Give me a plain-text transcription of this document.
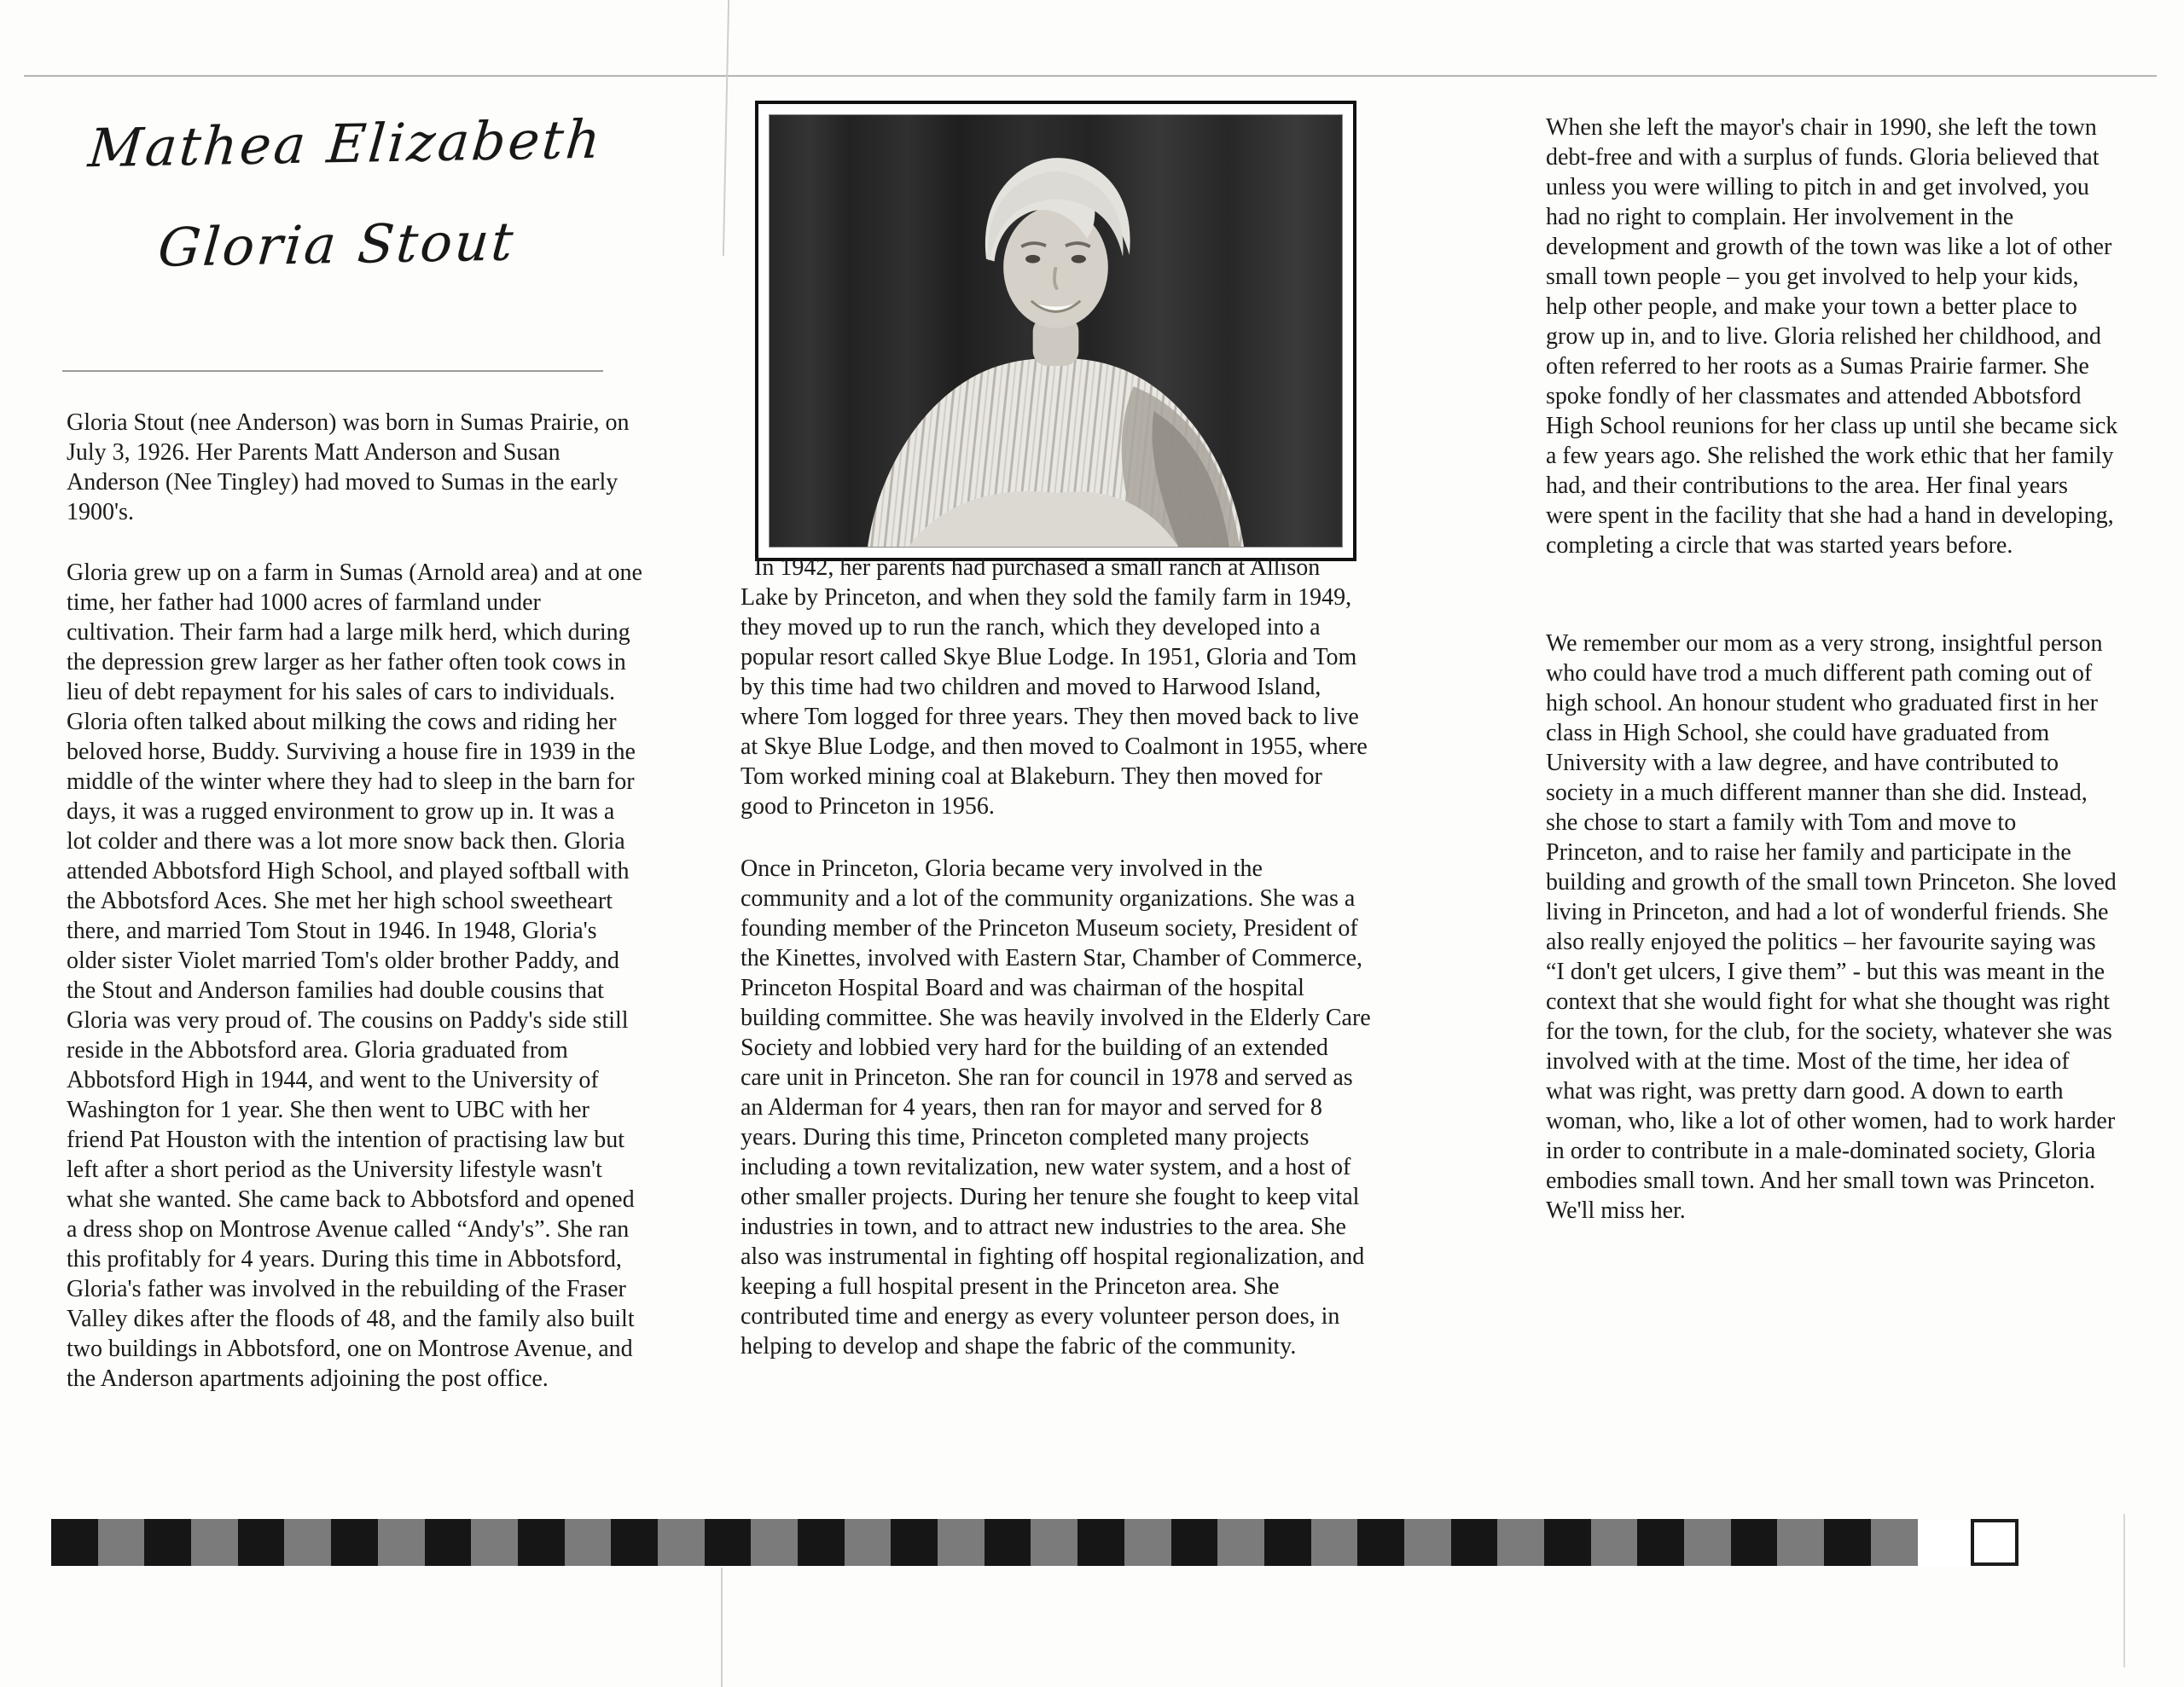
Mathea Elizabeth
Gloria Stout

Gloria Stout (nee Anderson) was born in Sumas Prairie, on July 3, 1926. Her Parents Matt Anderson and Susan Anderson (Nee Tingley) had moved to Sumas in the early 1900's.

Gloria grew up on a farm in Sumas (Arnold area) and at one time, her father had 1000 acres of farmland under cultivation. Their farm had a large milk herd, which during the depression grew larger as her father often took cows in lieu of debt repayment for his sales of cars to individuals. Gloria often talked about milking the cows and riding her beloved horse, Buddy. Surviving a house fire in 1939 in the middle of the winter where they had to sleep in the barn for days, it was a rugged environment to grow up in. It was a lot colder and there was a lot more snow back then. Gloria attended Abbotsford High School, and played softball with the Abbotsford Aces. She met her high school sweetheart there, and married Tom Stout in 1946. In 1948, Gloria's older sister Violet married Tom's older brother Paddy, and the Stout and Anderson families had double cousins that Gloria was very proud of. The cousins on Paddy's side still reside in the Abbotsford area. Gloria graduated from Abbotsford High in 1944, and went to the University of Washington for 1 year. She then went to UBC with her friend Pat Houston with the intention of practising law but left after a short period as the University lifestyle wasn't what she wanted. She came back to Abbotsford and opened a dress shop on Montrose Avenue called “Andy's”. She ran this profitably for 4 years. During this time in Abbotsford, Gloria's father was involved in the rebuilding of the Fraser Valley dikes after the floods of 48, and the family also built two buildings in Abbotsford, one on Montrose Avenue, and the Anderson apartments adjoining the post office.

In 1942, her parents had purchased a small ranch at Allison Lake by Princeton, and when they sold the family farm in 1949, they moved up to run the ranch, which they developed into a popular resort called Skye Blue Lodge. In 1951, Gloria and Tom by this time had two children and moved to Harwood Island, where Tom logged for three years. They then moved back to live at Skye Blue Lodge, and then moved to Coalmont in 1955, where Tom worked mining coal at Blakeburn. They then moved for good to Princeton in 1956.

Once in Princeton, Gloria became very involved in the community and a lot of the community organizations. She was a founding member of the Princeton Museum society, President of the Kinettes, involved with Eastern Star, Chamber of Commerce, Princeton Hospital Board and was chairman of the hospital building committee. She was heavily involved in the Elderly Care Society and lobbied very hard for the building of an extended care unit in Princeton. She ran for council in 1978 and served as an Alderman for 4 years, then ran for mayor and served for 8 years. During this time, Princeton completed many projects including a town revitalization, new water system, and a host of other smaller projects. During her tenure she fought to keep vital industries in town, and to attract new industries to the area. She also was instrumental in fighting off hospital regionalization, and keeping a full hospital present in the Princeton area. She contributed time and energy as every volunteer person does, in helping to develop and shape the fabric of the community.

When she left the mayor's chair in 1990, she left the town debt-free and with a surplus of funds. Gloria believed that unless you were willing to pitch in and get involved, you had no right to complain. Her involvement in the development and growth of the town was like a lot of other small town people – you get involved to help your kids, help other people, and make your town a better place to grow up in, and to live. Gloria relished her childhood, and often referred to her roots as a Sumas Prairie farmer. She spoke fondly of her classmates and attended Abbotsford High School reunions for her class up until she became sick a few years ago. She relished the work ethic that her family had, and their contributions to the area. Her final years were spent in the facility that she had a hand in developing, completing a circle that was started years before.

We remember our mom as a very strong, insightful person who could have trod a much different path coming out of high school. An honour student who graduated first in her class in High School, she could have graduated from University with a law degree, and have contributed to society in a much different manner than she did. Instead, she chose to start a family with Tom and move to Princeton, and to raise her family and participate in the building and growth of the small town Princeton. She loved living in Princeton, and had a lot of wonderful friends. She also really enjoyed the politics – her favourite saying was “I don't get ulcers, I give them” - but this was meant in the context that she would fight for what she thought was right for the town, for the club, for the society, whatever she was involved with at the time. Most of the time, her idea of what was right, was pretty darn good. A down to earth woman, who, like a lot of other women, had to work harder in order to contribute in a male-dominated society, Gloria embodies small town. And her small town was Princeton. We'll miss her.
